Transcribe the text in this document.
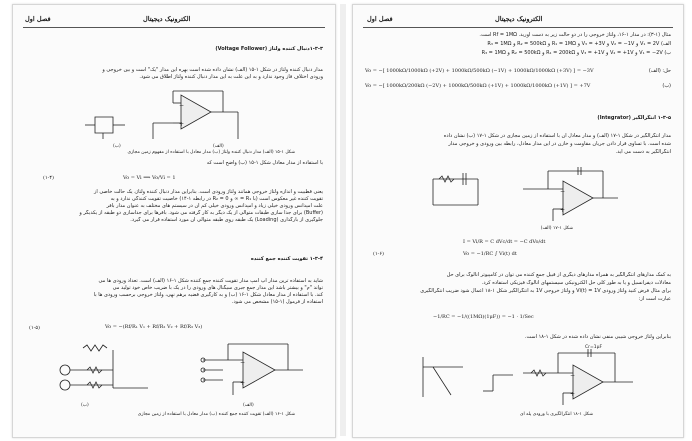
الکترونیک دیجیتال
فصل اول
۱-۳-۳دنبال کننده ولتاژ (Voltage Follower)
مدار دنبال کننده ولتاژ در شکل ۱-۱۵ (الف) نشان داده شده است بهره این مدار "یک" است و بین خروجی و
ورودی اختلاف فاز وجود ندارد و به این علت به این مدار دنبال کننده ولتاژ اطلاق می شود.
−
+
(ب)	(الف)
شکل ۱-۱۵ (الف) مدار دنبال کننده ولتاژ (ب) مدار معادل با استفاده از مفهوم زمین مجازی
با استفاده از مدار معادل شکل ۱-۱۵ (ب) واضح است که
Vo = Vi ⟹ Vo/Vi = 1
(۱-۴)
یعنی قطبیت و اندازه ولتاژ خروجی همانند ولتاژ ورودی است. بنابراین مدار دنبال کننده ولتاژ، یک حالت خاصی از
تقویت کننده غیر معکوس است (با R₁ = ∞ و R₂ = 0 در رابطه ۱-۱۴) خاصیت تقویت کنندگی ندارد و به
علت امپدانس ورودی خیلی زیاد و امپدانس ورودی خیلی کم آن در سیستم های مختلف به عنوان مدار بافر
(Buffer) برای جدا سازی طبقات متوالی از یک دیگر به کار گرفته می شود. بافرها برای جداسازی دو طبقه از یکدیگر و
جلوگیری از بارگذاری (Loading) یک طبقه روی طبقه متوالی آن مورد استفاده قرار می گیرد.
۱-۳-۴ تقویت کننده جمع کننده
شاید به استفاده ترین مدار آپ امپ مدار تقویت کننده جمع کننده شکل ۱-۱۶ (الف) است. تعداد ورودی ها می
تواند "م" و بیشتر باشد این مدار جمع جبری سیگنال های ورودی را در یک با ضریب خاص خود تولید می
کند. با استفاده از مدار معادل شکل ۱-۱۶ (ب) و به کارگیری قضیه برهم نهی، ولتاژ خروجی برحسب ورودی ها با
استفاده از فرمول (۱-۱۵) مشخص می شود.
Vo = −(Rf/R₁ V₁ + Rf/R₂ V₂ + Rf/R₃ V₃)
(۱-۵)
−
+
(ب)	(الف)
شکل ۱-۱۶ (الف) تقویت کننده جمع کننده (ب) مدار معادل با استفاده از زمین مجازی
الکترونیک دیجیتال
فصل اول
مثال (۱-۳): در مدار ۱-۱۶، ولتاژ خروجی را در دو حالت زیر به دست آورید. Rf = 1MΩ است.
الف) V₁ = 2V و V₂ = −1V و V₃ = +3V و R₁ = 1MΩ و R₂ = 500kΩ و R₃ = 1MΩ
ب) V₁ = −2V و V₂ = +1V و V₃ = +1V و R₁ = 200kΩ و R₂ = 500kΩ و R₃ = 1MΩ
حل: (الف)
Vo = −[ 1000kΩ/1000kΩ (+2V) + 1000kΩ/500kΩ (−1V) + 1000kΩ/1000kΩ (+3V) ] = −3V
(ب)
Vo = −[ 1000kΩ/200kΩ (−2V) + 1000kΩ/500kΩ (+1V) + 1000kΩ/1000kΩ (+1V) ] = +7V
۱-۳-۵ انتگرالگیر (Integrator)
مدار انتگرالگیر در شکل ۱-۱۷ (الف) و مدار معادل آن با استفاده از زمین مجازی در شکل ۱-۱۷ (ب) نشان داده
شده است. با تساوی قرار دادن جریان مقاومت و خازن در این مدار معادل، رابطه بین ورودی و خروجی مدار
انتگرالگیر به دست می آید.
−
+
شکل ۱-۱۷ (الف)
I = Vi/R = C dVc/dt = −C dVo/dt
Vo = −1/RC ∫ Vi(t) dt
(۱-۶)
به کمک مدارهای انتگرالگیر به همراه مدارهای دیگری از قبیل جمع کننده می توان در کامپیوتر آنالوگ برای حل
معادلات دیفرانسیل و یا به طور کلی حل الکترونیکی سیستمهای آنالوگ فیزیکی استفاده کرد.
برای مثال فرض کنید ولتاژ ورودی Vi(t) = 1V و ولتاژ خروجی 1V به انتگرالگیر شکل ۱-۱۸ اعمال شود ضریب انتگرالگیری
عبارت است از:
−1/RC = −1/((1MΩ)(1μF)) = −1 · 1/Sec
بنابراین ولتاژ خروجی شیبی منفی نشان داده شده در شکل ۱-۱۸ است.
−
+
Cr=1μF
شکل ۱-۱۸ انتگرالگیری با ورودی پله ای
